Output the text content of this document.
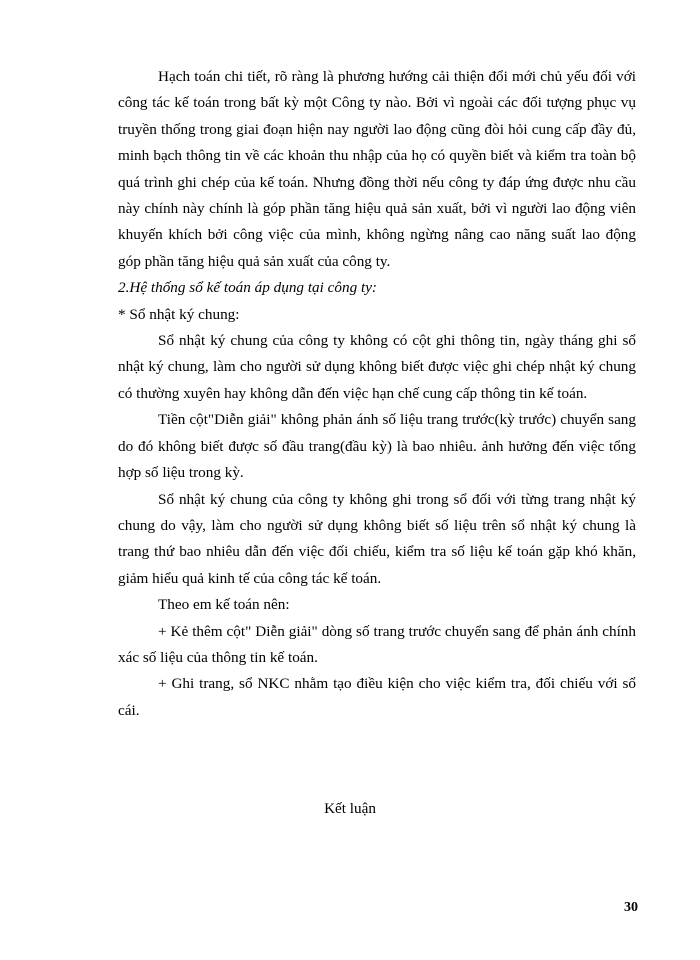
Hạch toán chi tiết, rõ ràng là phương hướng cải thiện đổi mới chủ yếu đối với công tác kế toán trong bất kỳ một Công ty nào. Bởi vì ngoài các đối tượng phục vụ truyền thống trong giai đoạn hiện nay người lao động cũng đòi hỏi cung cấp đầy đủ, minh bạch thông tin về các khoản thu nhập của họ có quyền biết và kiểm tra toàn bộ quá trình ghi chép của kế toán. Nhưng đồng thời nếu công ty đáp ứng được nhu cầu này chính này chính là góp phần tăng hiệu quả sản xuất, bởi vì người lao động viên khuyến khích bởi công việc của mình, không ngừng nâng cao năng suất lao động góp phần tăng hiệu quả sản xuất của công ty.

2.Hệ thống sổ kế toán áp dụng tại công ty:

* Sổ nhật ký chung:

Sổ nhật ký chung của công ty không có cột ghi thông tin, ngày tháng ghi sổ nhật ký chung, làm cho người sử dụng không biết được việc ghi chép nhật ký chung có thường xuyên hay không dẫn đến việc hạn chế cung cấp thông tin kế toán.

Tiền cột"Diễn giải" không phản ánh số liệu trang trước(kỳ trước) chuyển sang do đó không biết được số đầu trang(đầu kỳ) là bao nhiêu. ảnh hưởng đến việc tổng hợp số liệu trong kỳ.

Sổ nhật ký chung của công ty không ghi trong sổ đối với từng trang nhật ký chung do vậy, làm cho người sử dụng không biết số liệu trên sổ nhật ký chung là trang thứ bao nhiêu dẫn đến việc đối chiếu, kiểm tra số liệu kế toán gặp khó khăn, giảm hiểu quả kinh tế của công tác kế toán.

Theo em kế toán nên:

+ Kẻ thêm cột" Diễn giải" dòng số trang trước chuyển sang để phản ánh chính xác số liệu của thông tin kế toán.

+ Ghi trang, sổ NKC nhằm tạo điều kiện cho việc kiểm tra, đối chiếu với sổ cái.

Kết luận
30
